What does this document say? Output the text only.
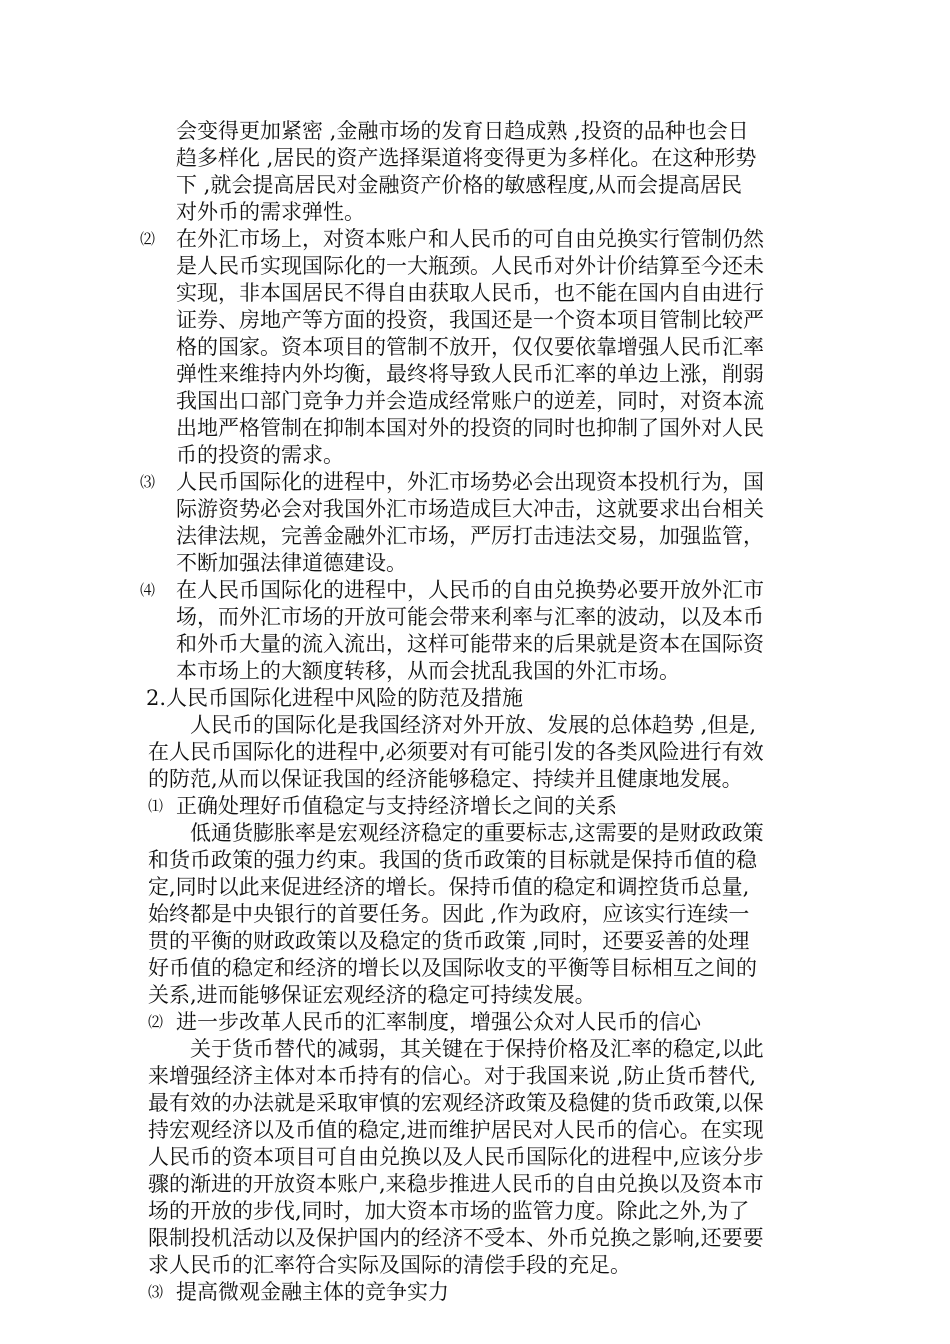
会变得更加紧密 ,金融市场的发育日趋成熟 ,投资的品种也会日

趋多样化 ,居民的资产选择渠道将变得更为多样化。在这种形势

下 ,就会提高居民对金融资产价格的敏感程度,从而会提高居民

对外币的需求弹性。

⑵ 在外汇市场上，对资本账户和人民币的可自由兑换实行管制仍然

是人民币实现国际化的一大瓶颈。人民币对外计价结算至今还未

实现，非本国居民不得自由获取人民币，也不能在国内自由进行

证券、房地产等方面的投资，我国还是一个资本项目管制比较严

格的国家。资本项目的管制不放开，仅仅要依靠增强人民币汇率

弹性来维持内外均衡，最终将导致人民币汇率的单边上涨，削弱

我国出口部门竞争力并会造成经常账户的逆差，同时，对资本流

出地严格管制在抑制本国对外的投资的同时也抑制了国外对人民

币的投资的需求。

⑶ 人民币国际化的进程中，外汇市场势必会出现资本投机行为，国

际游资势必会对我国外汇市场造成巨大冲击，这就要求出台相关

法律法规，完善金融外汇市场，严厉打击违法交易，加强监管，

不断加强法律道德建设。

⑷ 在人民币国际化的进程中，人民币的自由兑换势必要开放外汇市

场，而外汇市场的开放可能会带来利率与汇率的波动，以及本币

和外币大量的流入流出，这样可能带来的后果就是资本在国际资

本市场上的大额度转移，从而会扰乱我国的外汇市场。

2.人民币国际化进程中风险的防范及措施

人民币的国际化是我国经济对外开放、发展的总体趋势 ,但是,

在人民币国际化的进程中,必须要对有可能引发的各类风险进行有效

的防范,从而以保证我国的经济能够稳定、持续并且健康地发展。

⑴ 正确处理好币值稳定与支持经济增长之间的关系

低通货膨胀率是宏观经济稳定的重要标志,这需要的是财政政策

和货币政策的强力约束。我国的货币政策的目标就是保持币值的稳

定,同时以此来促进经济的增长。保持币值的稳定和调控货币总量,

始终都是中央银行的首要任务。因此 ,作为政府，应该实行连续一

贯的平衡的财政政策以及稳定的货币政策 ,同时，还要妥善的处理

好币值的稳定和经济的增长以及国际收支的平衡等目标相互之间的

关系,进而能够保证宏观经济的稳定可持续发展。

⑵ 进一步改革人民币的汇率制度，增强公众对人民币的信心

关于货币替代的减弱，其关键在于保持价格及汇率的稳定,以此

来增强经济主体对本币持有的信心。对于我国来说 ,防止货币替代,

最有效的办法就是采取审慎的宏观经济政策及稳健的货币政策,以保

持宏观经济以及币值的稳定,进而维护居民对人民币的信心。在实现

人民币的资本项目可自由兑换以及人民币国际化的进程中,应该分步

骤的渐进的开放资本账户,来稳步推进人民币的自由兑换以及资本市

场的开放的步伐,同时，加大资本市场的监管力度。除此之外,为了

限制投机活动以及保护国内的经济不受本、外币兑换之影响,还要要

求人民币的汇率符合实际及国际的清偿手段的充足。

⑶ 提高微观金融主体的竞争实力
